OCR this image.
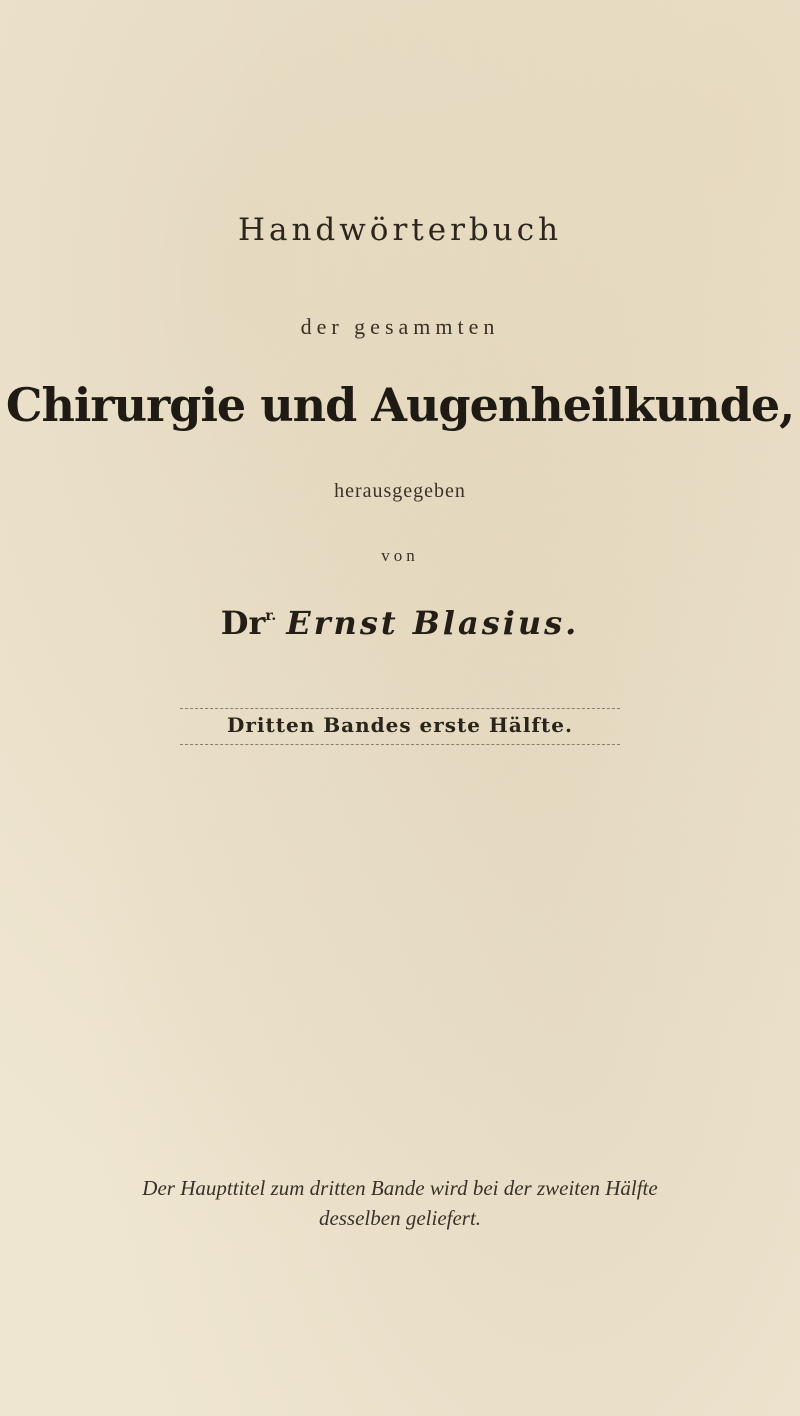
Handwörterbuch
der gesammten
Chirurgie und Augenheilkunde,
herausgegeben
von
$Dr^{r.}$ Ernst Blasius.
Dritten Bandes erste Hälfte.
Der Haupttitel zum dritten Bande wird bei der zweiten Hälfte
desselben geliefert.
